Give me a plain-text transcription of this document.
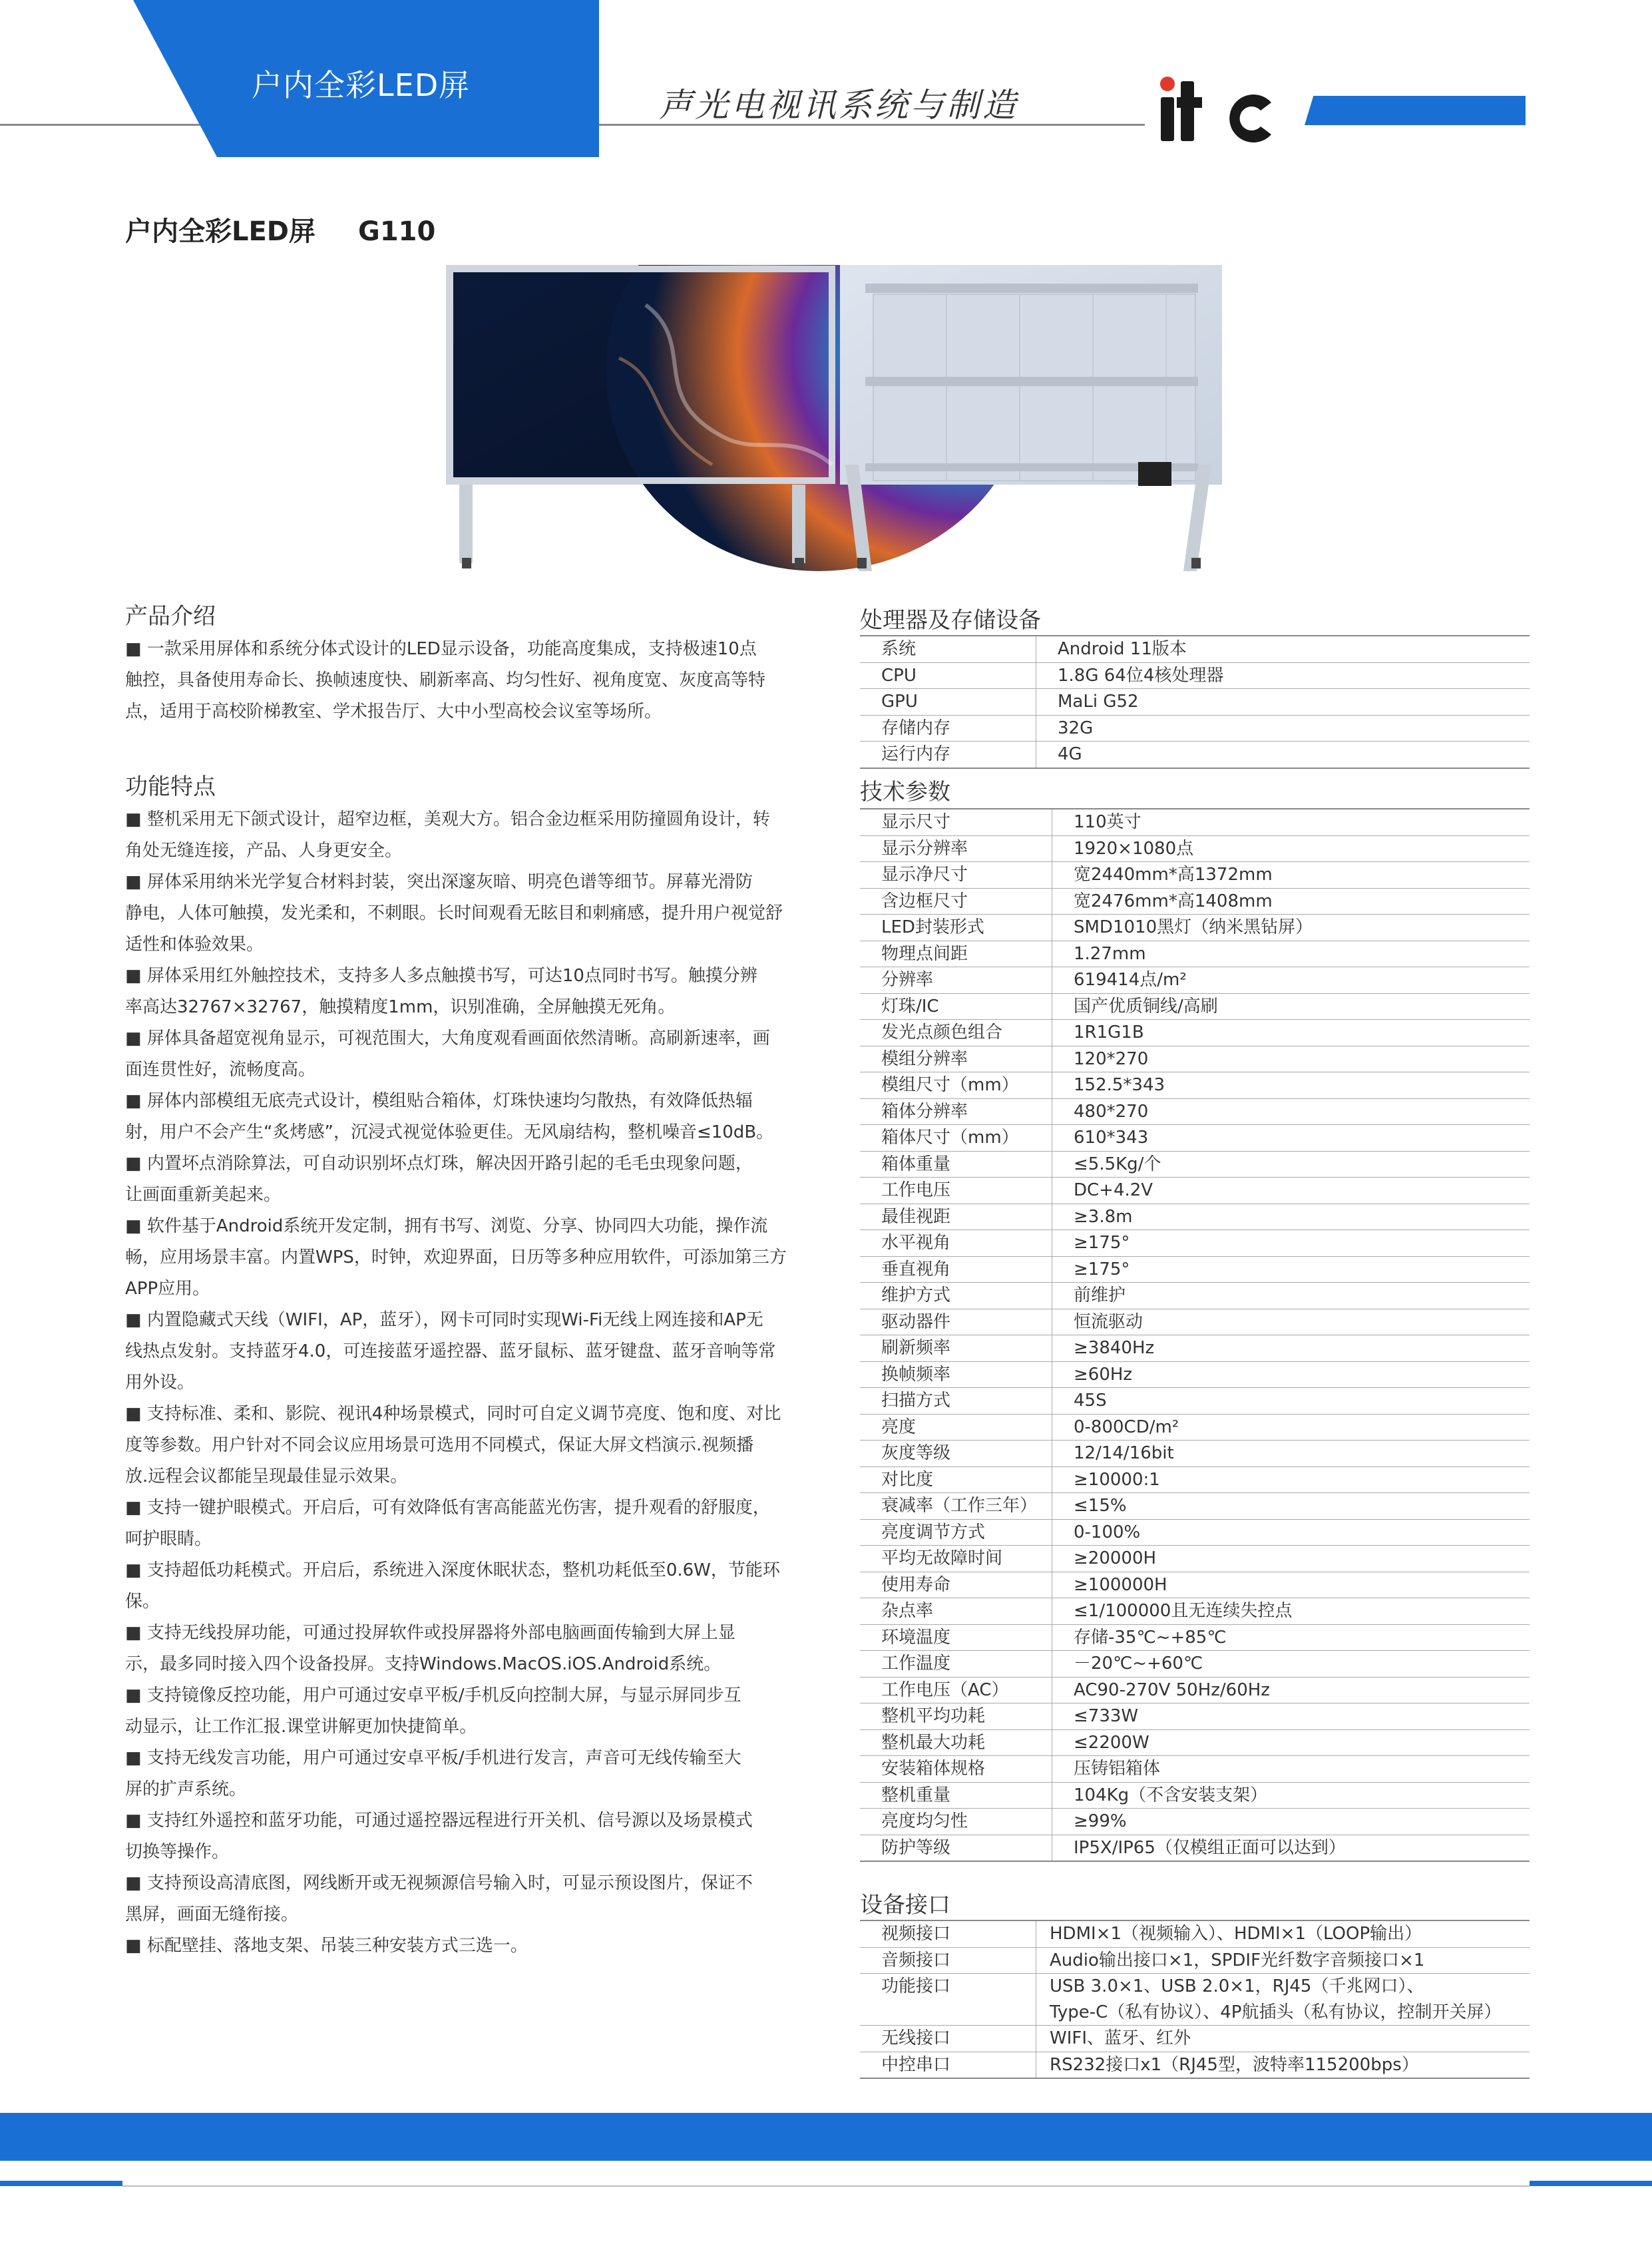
户内全彩LED屏
声光电视讯系统与制造
户内全彩LED屏 G110
产品介绍

■ 一款采用屏体和系统分体式设计的LED显示设备，功能高度集成，支持极速10点

触控，具备使用寿命长、换帧速度快、刷新率高、均匀性好、视角度宽、灰度高等特

点，适用于高校阶梯教室、学术报告厅、大中小型高校会议室等场所。

功能特点

■ 整机采用无下颌式设计，超窄边框，美观大方。铝合金边框采用防撞圆角设计，转

角处无缝连接，产品、人身更安全。

■ 屏体采用纳米光学复合材料封装，突出深邃灰暗、明亮色谱等细节。屏幕光滑防

静电，人体可触摸，发光柔和，不刺眼。长时间观看无眩目和刺痛感，提升用户视觉舒

适性和体验效果。

■ 屏体采用红外触控技术，支持多人多点触摸书写，可达10点同时书写。触摸分辨

率高达32767×32767，触摸精度1mm，识别准确，全屏触摸无死角。

■ 屏体具备超宽视角显示，可视范围大，大角度观看画面依然清晰。高刷新速率，画

面连贯性好，流畅度高。

■ 屏体内部模组无底壳式设计，模组贴合箱体，灯珠快速均匀散热，有效降低热辐

射，用户不会产生“炙烤感”，沉浸式视觉体验更佳。无风扇结构，整机噪音≤10dB。

■ 内置坏点消除算法，可自动识别坏点灯珠，解决因开路引起的毛毛虫现象问题，

让画面重新美起来。

■ 软件基于Android系统开发定制，拥有书写、浏览、分享、协同四大功能，操作流

畅，应用场景丰富。内置WPS，时钟，欢迎界面，日历等多种应用软件，可添加第三方

APP应用。

■ 内置隐藏式天线（WIFI，AP，蓝牙），网卡可同时实现Wi-Fi无线上网连接和AP无

线热点发射。支持蓝牙4.0，可连接蓝牙遥控器、蓝牙鼠标、蓝牙键盘、蓝牙音响等常

用外设。

■ 支持标准、柔和、影院、视讯4种场景模式，同时可自定义调节亮度、饱和度、对比

度等参数。用户针对不同会议应用场景可选用不同模式，保证大屏文档演示.视频播

放.远程会议都能呈现最佳显示效果。

■ 支持一键护眼模式。开启后，可有效降低有害高能蓝光伤害，提升观看的舒服度，

呵护眼睛。

■ 支持超低功耗模式。开启后，系统进入深度休眠状态，整机功耗低至0.6W，节能环

保。

■ 支持无线投屏功能，可通过投屏软件或投屏器将外部电脑画面传输到大屏上显

示，最多同时接入四个设备投屏。支持Windows.MacOS.iOS.Android系统。

■ 支持镜像反控功能，用户可通过安卓平板/手机反向控制大屏，与显示屏同步互

动显示，让工作汇报.课堂讲解更加快捷简单。

■ 支持无线发言功能，用户可通过安卓平板/手机进行发言，声音可无线传输至大

屏的扩声系统。

■ 支持红外遥控和蓝牙功能，可通过遥控器远程进行开关机、信号源以及场景模式

切换等操作。

■ 支持预设高清底图，网线断开或无视频源信号输入时，可显示预设图片，保证不

黑屏，画面无缝衔接。

■ 标配壁挂、落地支架、吊装三种安装方式三选一。

处理器及存储设备
系统	Android 11版本
CPU	1.8G 64位4核处理器
GPU	MaLi G52
存储内存	32G
运行内存	4G
技术参数
显示尺寸	110英寸
显示分辨率	1920×1080点
显示净尺寸	宽2440mm*高1372mm
含边框尺寸	宽2476mm*高1408mm
LED封装形式	SMD1010黑灯（纳米黑钻屏）
物理点间距	1.27mm
分辨率	619414点/m²
灯珠/IC	国产优质铜线/高刷
发光点颜色组合	1R1G1B
模组分辨率	120*270
模组尺寸（mm）	152.5*343
箱体分辨率	480*270
箱体尺寸（mm）	610*343
箱体重量	≤5.5Kg/个
工作电压	DC+4.2V
最佳视距	≥3.8m
水平视角	≥175°
垂直视角	≥175°
维护方式	前维护
驱动器件	恒流驱动
刷新频率	≥3840Hz
换帧频率	≥60Hz
扫描方式	45S
亮度	0-800CD/m²
灰度等级	12/14/16bit
对比度	≥10000:1
衰减率（工作三年）	≤15%
亮度调节方式	0-100%
平均无故障时间	≥20000H
使用寿命	≥100000H
杂点率	≤1/100000且无连续失控点
环境温度	存储-35℃~+85℃
工作温度	－20℃~+60℃
工作电压（AC）	AC90-270V 50Hz/60Hz
整机平均功耗	≤733W
整机最大功耗	≤2200W
安装箱体规格	压铸铝箱体
整机重量	104Kg（不含安装支架）
亮度均匀性	≥99%
防护等级	IP5X/IP65（仅模组正面可以达到）
设备接口
视频接口	HDMI×1（视频输入）、HDMI×1（LOOP输出）
音频接口	Audio输出接口×1，SPDIF光纤数字音频接口×1
功能接口	USB 3.0×1、USB 2.0×1，RJ45（千兆网口）、
	Type-C（私有协议）、4P航插头（私有协议，控制开关屏）
无线接口	WIFI、蓝牙、红外
中控串口	RS232接口x1（RJ45型，波特率115200bps）
